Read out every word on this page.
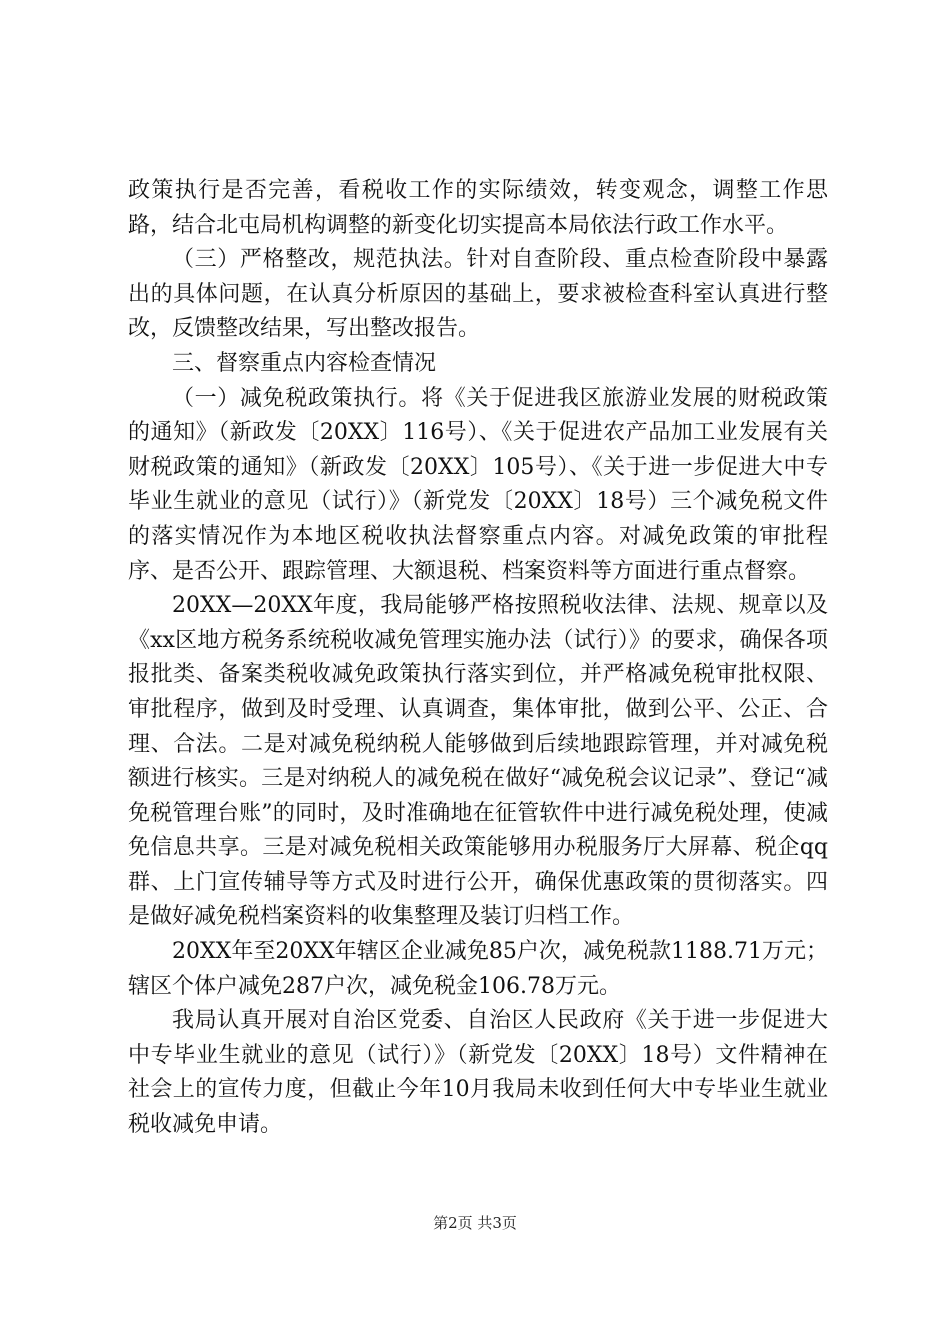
政策执行是否完善，看税收工作的实际绩效，转变观念，调整工作思路，结合北屯局机构调整的新变化切实提高本局依法行政工作水平。

（三）严格整改，规范执法。针对自查阶段、重点检查阶段中暴露出的具体问题，在认真分析原因的基础上，要求被检查科室认真进行整改，反馈整改结果，写出整改报告。

三、督察重点内容检查情况

（一）减免税政策执行。将《关于促进我区旅游业发展的财税政策的通知》（新政发〔20XX〕116号）、《关于促进农产品加工业发展有关财税政策的通知》（新政发〔20XX〕105号）、《关于进一步促进大中专毕业生就业的意见（试行）》（新党发〔20XX〕18号）三个减免税文件的落实情况作为本地区税收执法督察重点内容。对减免政策的审批程序、是否公开、跟踪管理、大额退税、档案资料等方面进行重点督察。

20XX—20XX年度，我局能够严格按照税收法律、法规、规章以及《xx区地方税务系统税收减免管理实施办法（试行）》的要求，确保各项报批类、备案类税收减免政策执行落实到位，并严格减免税审批权限、审批程序，做到及时受理、认真调查，集体审批，做到公平、公正、合理、合法。二是对减免税纳税人能够做到后续地跟踪管理，并对减免税额进行核实。三是对纳税人的减免税在做好“减免税会议记录”、登记“减免税管理台账”的同时，及时准确地在征管软件中进行减免税处理，使减免信息共享。三是对减免税相关政策能够用办税服务厅大屏幕、税企qq群、上门宣传辅导等方式及时进行公开，确保优惠政策的贯彻落实。四是做好减免税档案资料的收集整理及装订归档工作。

20XX年至20XX年辖区企业减免85户次，减免税款1188.71万元；辖区个体户减免287户次，减免税金106.78万元。

我局认真开展对自治区党委、自治区人民政府《关于进一步促进大中专毕业生就业的意见（试行）》（新党发〔20XX〕18号）文件精神在社会上的宣传力度，但截止今年10月我局未收到任何大中专毕业生就业税收减免申请。

第2页 共3页
